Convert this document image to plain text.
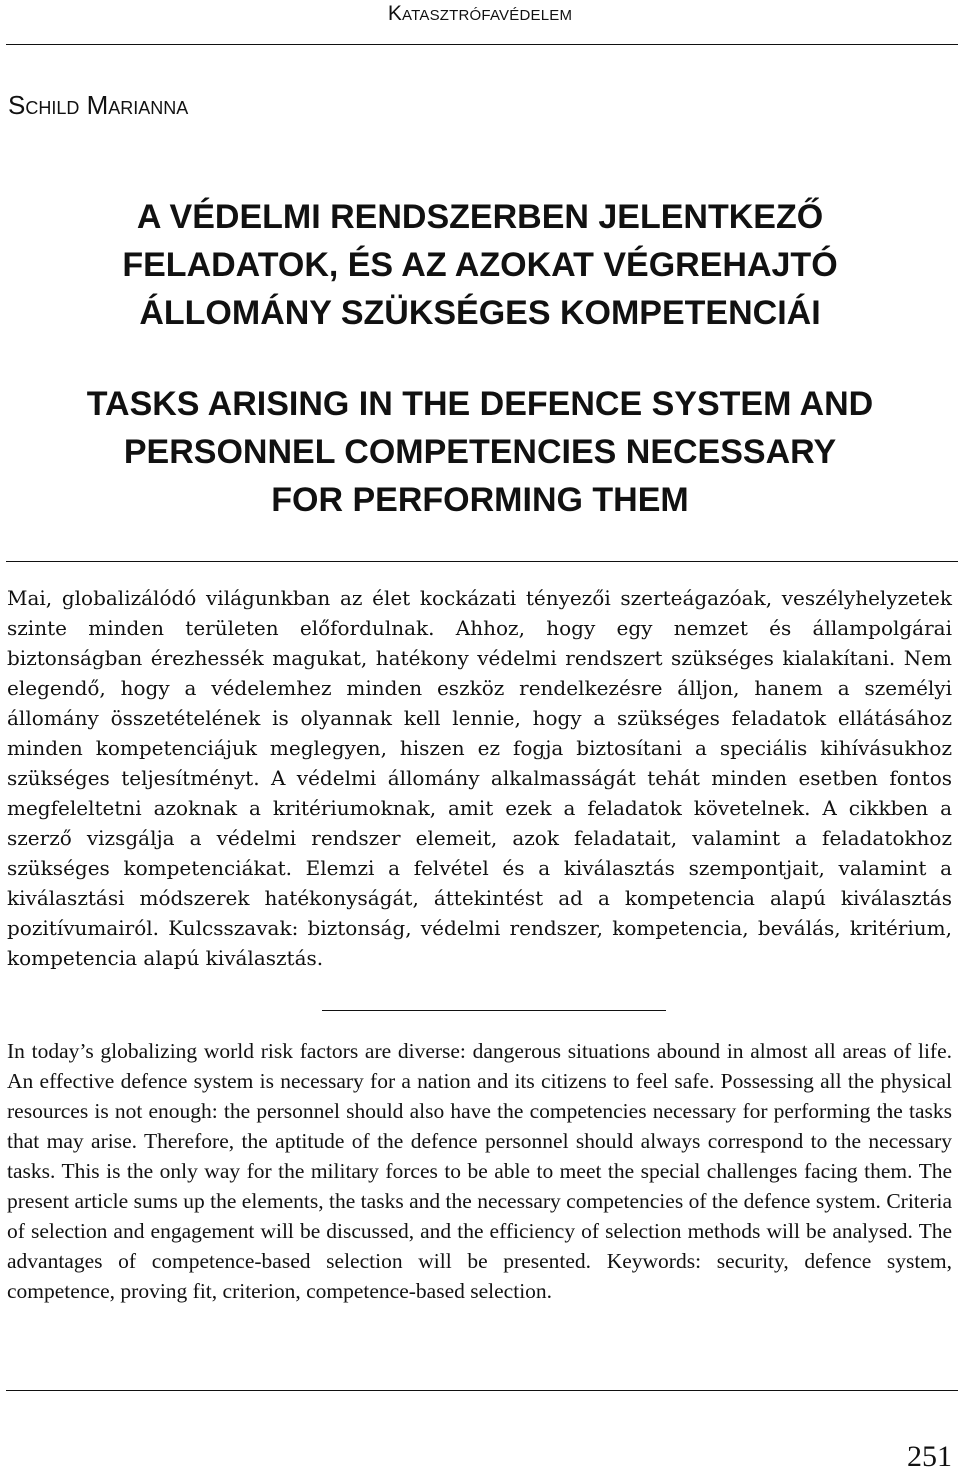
Katasztrófavédelem
Schild Marianna
A VÉDELMI RENDSZERBEN JELENTKEZŐ
FELADATOK, ÉS AZ AZOKAT VÉGREHAJTÓ
ÁLLOMÁNY SZÜKSÉGES KOMPETENCIÁI
TASKS ARISING IN THE DEFENCE SYSTEM AND
PERSONNEL COMPETENCIES NECESSARY
FOR PERFORMING THEM

Mai, globalizálódó világunkban az élet kockázati tényezői szerteágazóak, veszélyhelyzetek szinte minden területen előfordulnak. Ahhoz, hogy egy nemzet és állampolgárai biztonságban érezhessék magukat, hatékony védelmi rendszert szükséges kialakítani. Nem elegendő, hogy a védelemhez minden eszköz rendelkezésre álljon, hanem a személyi állomány összetételének is olyannak kell lennie, hogy a szükséges feladatok ellátásához minden kompetenciájuk meglegyen, hiszen ez fogja biztosítani a speciális kihívásukhoz szükséges teljesítményt. A védelmi állomány alkalmasságát tehát minden esetben fontos megfeleltetni azoknak a kritériumoknak, amit ezek a feladatok követelnek. A cikkben a szerző vizsgálja a védelmi rendszer elemeit, azok feladatait, valamint a feladatokhoz szükséges kompetenciákat. Elemzi a felvétel és a kiválasztás szempontjait, valamint a kiválasztási módszerek hatékonyságát, áttekintést ad a kompetencia alapú kiválasztás pozitívumairól. Kulcsszavak: biztonság, védelmi rendszer, kompetencia, beválás, kritérium, kompetencia alapú kiválasztás.

In today’s globalizing world risk factors are diverse: dangerous situations abound in almost all areas of life. An effective defence system is necessary for a nation and its citizens to feel safe. Possessing all the physical resources is not enough: the personnel should also have the competencies necessary for performing the tasks that may arise. Therefore, the aptitude of the defence personnel should always correspond to the necessary tasks. This is the only way for the military forces to be able to meet the special challenges facing them. The present article sums up the elements, the tasks and the necessary competencies of the defence system. Criteria of selection and engagement will be discussed, and the efficiency of selection methods will be analysed. The advantages of competence-based selection will be presented. Keywords: security, defence system, competence, proving fit, criterion, competence-based selection.

251
